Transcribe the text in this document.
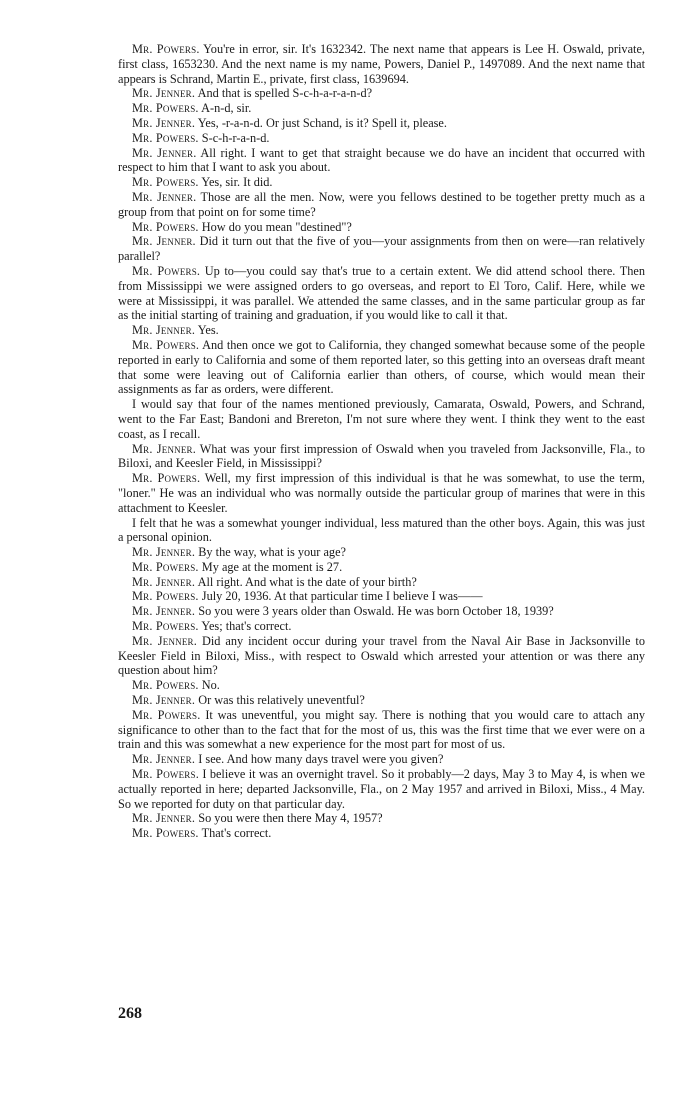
Mr. Powers. You're in error, sir. It's 1632342. The next name that appears is Lee H. Oswald, private, first class, 1653230. And the next name is my name, Powers, Daniel P., 1497089. And the next name that appears is Schrand, Martin E., private, first class, 1639694.

Mr. Jenner. And that is spelled S-c-h-a-r-a-n-d?

Mr. Powers. A-n-d, sir.

Mr. Jenner. Yes, -r-a-n-d. Or just Schand, is it? Spell it, please.

Mr. Powers. S-c-h-r-a-n-d.

Mr. Jenner. All right. I want to get that straight because we do have an incident that occurred with respect to him that I want to ask you about.

Mr. Powers. Yes, sir. It did.

Mr. Jenner. Those are all the men. Now, were you fellows destined to be together pretty much as a group from that point on for some time?

Mr. Powers. How do you mean "destined"?

Mr. Jenner. Did it turn out that the five of you—your assignments from then on were—ran relatively parallel?

Mr. Powers. Up to—you could say that's true to a certain extent. We did attend school there. Then from Mississippi we were assigned orders to go overseas, and report to El Toro, Calif. Here, while we were at Mississippi, it was parallel. We attended the same classes, and in the same particular group as far as the initial starting of training and graduation, if you would like to call it that.

Mr. Jenner. Yes.

Mr. Powers. And then once we got to California, they changed somewhat because some of the people reported in early to California and some of them reported later, so this getting into an overseas draft meant that some were leaving out of California earlier than others, of course, which would mean their assignments as far as orders, were different.

I would say that four of the names mentioned previously, Camarata, Oswald, Powers, and Schrand, went to the Far East; Bandoni and Brereton, I'm not sure where they went. I think they went to the east coast, as I recall.

Mr. Jenner. What was your first impression of Oswald when you traveled from Jacksonville, Fla., to Biloxi, and Keesler Field, in Mississippi?

Mr. Powers. Well, my first impression of this individual is that he was somewhat, to use the term, "loner." He was an individual who was normally outside the particular group of marines that were in this attachment to Keesler.

I felt that he was a somewhat younger individual, less matured than the other boys. Again, this was just a personal opinion.

Mr. Jenner. By the way, what is your age?

Mr. Powers. My age at the moment is 27.

Mr. Jenner. All right. And what is the date of your birth?

Mr. Powers. July 20, 1936. At that particular time I believe I was——

Mr. Jenner. So you were 3 years older than Oswald. He was born October 18, 1939?

Mr. Powers. Yes; that's correct.

Mr. Jenner. Did any incident occur during your travel from the Naval Air Base in Jacksonville to Keesler Field in Biloxi, Miss., with respect to Oswald which arrested your attention or was there any question about him?

Mr. Powers. No.

Mr. Jenner. Or was this relatively uneventful?

Mr. Powers. It was uneventful, you might say. There is nothing that you would care to attach any significance to other than to the fact that for the most of us, this was the first time that we ever were on a train and this was somewhat a new experience for the most part for most of us.

Mr. Jenner. I see. And how many days travel were you given?

Mr. Powers. I believe it was an overnight travel. So it probably—2 days, May 3 to May 4, is when we actually reported in here; departed Jacksonville, Fla., on 2 May 1957 and arrived in Biloxi, Miss., 4 May. So we reported for duty on that particular day.

Mr. Jenner. So you were then there May 4, 1957?

Mr. Powers. That's correct.

268
